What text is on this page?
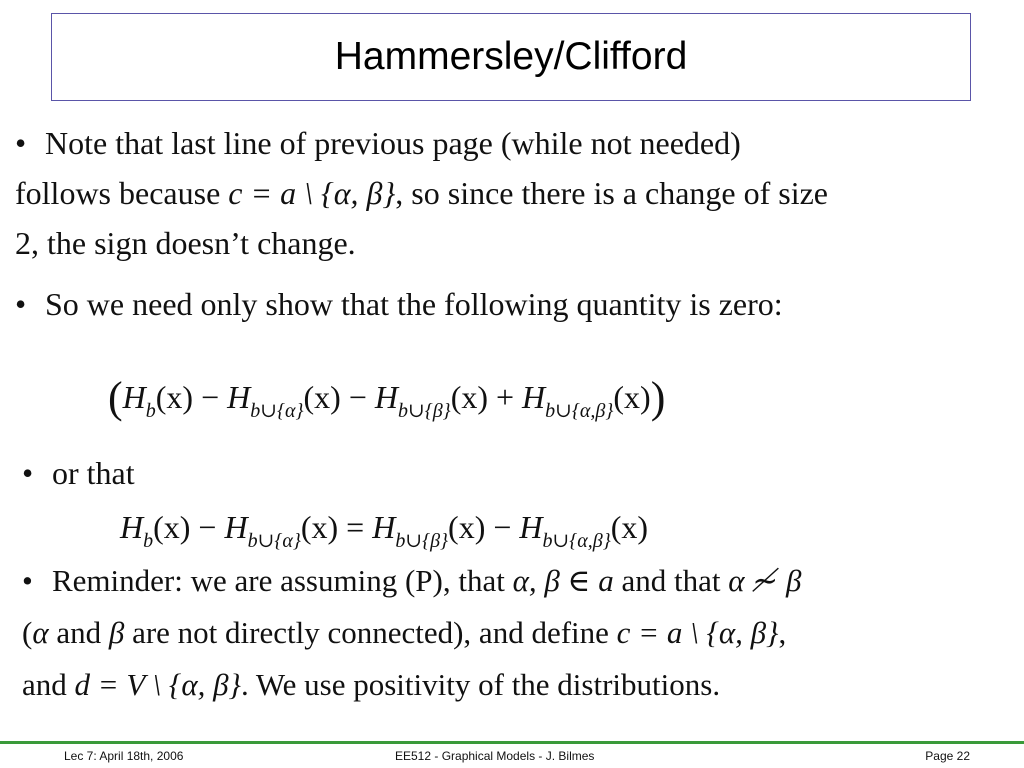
Hammersley/Clifford
• Note that last line of previous page (while not needed)
follows because c = a \ {α, β}, so since there is a change of size
2, the sign doesn’t change.
• So we need only show that the following quantity is zero:
$(H_b(x) - H_{b\cup\{\alpha\}}(x) - H_{b\cup\{\beta\}}(x) + H_{b\cup\{\alpha,\beta\}}(x))$
• or that
$H_b(x) - H_{b\cup\{\alpha\}}(x) = H_{b\cup\{\beta\}}(x) - H_{b\cup\{\alpha,\beta\}}(x)$
• Reminder: we are assuming (P), that α, β ∈ a and that α ≁ β
(α and β are not directly connected), and define c = a \ {α, β},
and d = V \ {α, β}. We use positivity of the distributions.
Lec 7: April 18th, 2006	EE512 - Graphical Models - J. Bilmes	Page 22
